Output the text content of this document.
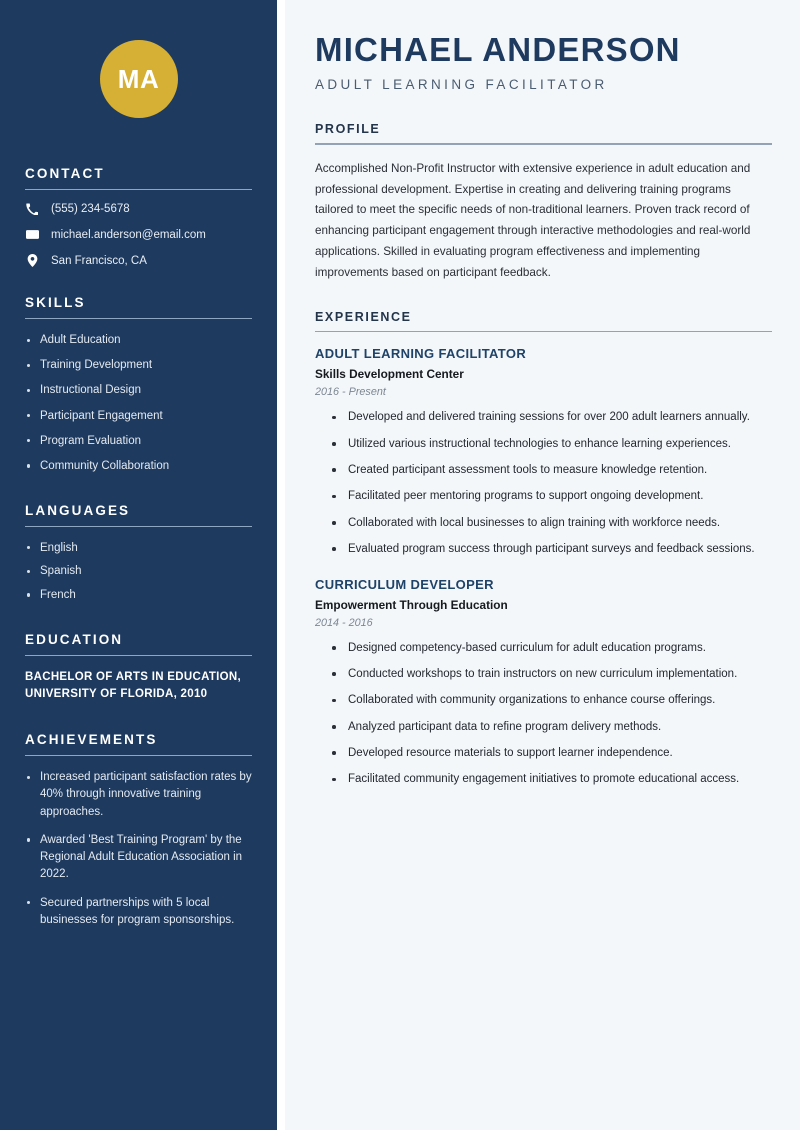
MA
CONTACT
(555) 234-5678
michael.anderson@email.com
San Francisco, CA
SKILLS
Adult Education
Training Development
Instructional Design
Participant Engagement
Program Evaluation
Community Collaboration
LANGUAGES
English
Spanish
French
EDUCATION
BACHELOR OF ARTS IN EDUCATION,
UNIVERSITY OF FLORIDA, 2010
ACHIEVEMENTS
Increased participant satisfaction rates by 40% through innovative training approaches.
Awarded 'Best Training Program' by the Regional Adult Education Association in 2022.
Secured partnerships with 5 local businesses for program sponsorships.
MICHAEL ANDERSON
ADULT LEARNING FACILITATOR
PROFILE

Accomplished Non-Profit Instructor with extensive experience in adult education and professional development. Expertise in creating and delivering training programs tailored to meet the specific needs of non-traditional learners. Proven track record of enhancing participant engagement through interactive methodologies and real-world applications. Skilled in evaluating program effectiveness and implementing improvements based on participant feedback.

EXPERIENCE
ADULT LEARNING FACILITATOR
Skills Development Center
2016 - Present
Developed and delivered training sessions for over 200 adult learners annually.
Utilized various instructional technologies to enhance learning experiences.
Created participant assessment tools to measure knowledge retention.
Facilitated peer mentoring programs to support ongoing development.
Collaborated with local businesses to align training with workforce needs.
Evaluated program success through participant surveys and feedback sessions.
CURRICULUM DEVELOPER
Empowerment Through Education
2014 - 2016
Designed competency-based curriculum for adult education programs.
Conducted workshops to train instructors on new curriculum implementation.
Collaborated with community organizations to enhance course offerings.
Analyzed participant data to refine program delivery methods.
Developed resource materials to support learner independence.
Facilitated community engagement initiatives to promote educational access.
